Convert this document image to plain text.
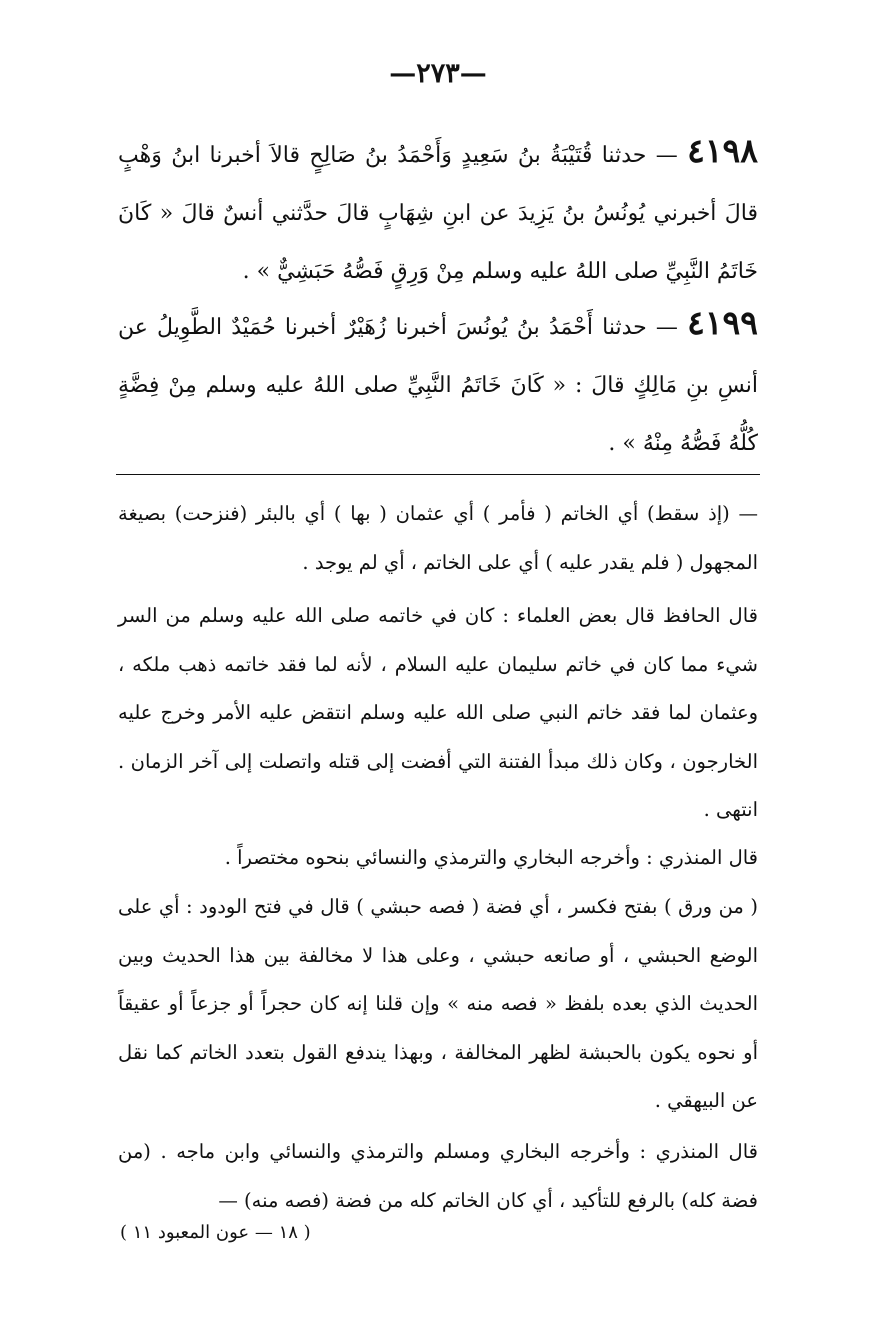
—٢٧٣—
٤١٩٨ — حدثنا قُتَيْبَةُ بنُ سَعِيدٍ وَأَحْمَدُ بنُ صَالِحٍ قالاَ أخبرنا ابنُ وَهْبٍ قالَ أخبرني يُونُسُ بنُ يَزِيدَ عن ابنِ شِهَابٍ قالَ حدَّثني أنسٌ قالَ « كَانَ خَاتَمُ النَّبِيِّ صلى اللهُ عليه وسلم مِنْ وَرِقٍ فَصُّهُ حَبَشِيٌّ » .
٤١٩٩ — حدثنا أَحْمَدُ بنُ يُونُسَ أخبرنا زُهَيْرٌ أخبرنا حُمَيْدٌ الطَّوِيلُ عن أنسِ بنِ مَالِكٍ قالَ : « كَانَ خَاتَمُ النَّبِيِّ صلى اللهُ عليه وسلم مِنْ فِضَّةٍ كُلُّهُ فَصُّهُ مِنْهُ » .

— (إذ سقط) أي الخاتم ( فأمر ) أي عثمان ( بها ) أي بالبئر (فنزحت) بصيغة المجهول ( فلم يقدر عليه ) أي على الخاتم ، أي لم يوجد .

قال الحافظ قال بعض العلماء : كان في خاتمه صلى الله عليه وسلم من السر شيء مما كان في خاتم سليمان عليه السلام ، لأنه لما فقد خاتمه ذهب ملكه ، وعثمان لما فقد خاتم النبي صلى الله عليه وسلم انتقض عليه الأمر وخرج عليه الخارجون ، وكان ذلك مبدأ الفتنة التي أفضت إلى قتله واتصلت إلى آخر الزمان . انتهى .

قال المنذري : وأخرجه البخاري والترمذي والنسائي بنحوه مختصراً .

( من ورق ) بفتح فكسر ، أي فضة ( فصه حبشي ) قال في فتح الودود : أي على الوضع الحبشي ، أو صانعه حبشي ، وعلى هذا لا مخالفة بين هذا الحديث وبين الحديث الذي بعده بلفظ « فصه منه » وإن قلنا إنه كان حجراً أو جزعاً أو عقيقاً أو نحوه يكون بالحبشة لظهر المخالفة ، وبهذا يندفع القول بتعدد الخاتم كما نقل عن البيهقي .

قال المنذري : وأخرجه البخاري ومسلم والترمذي والنسائي وابن ماجه . (من فضة كله) بالرفع للتأكيد ، أي كان الخاتم كله من فضة (فصه منه) —

( ١٨ — عون المعبود ١١ )
